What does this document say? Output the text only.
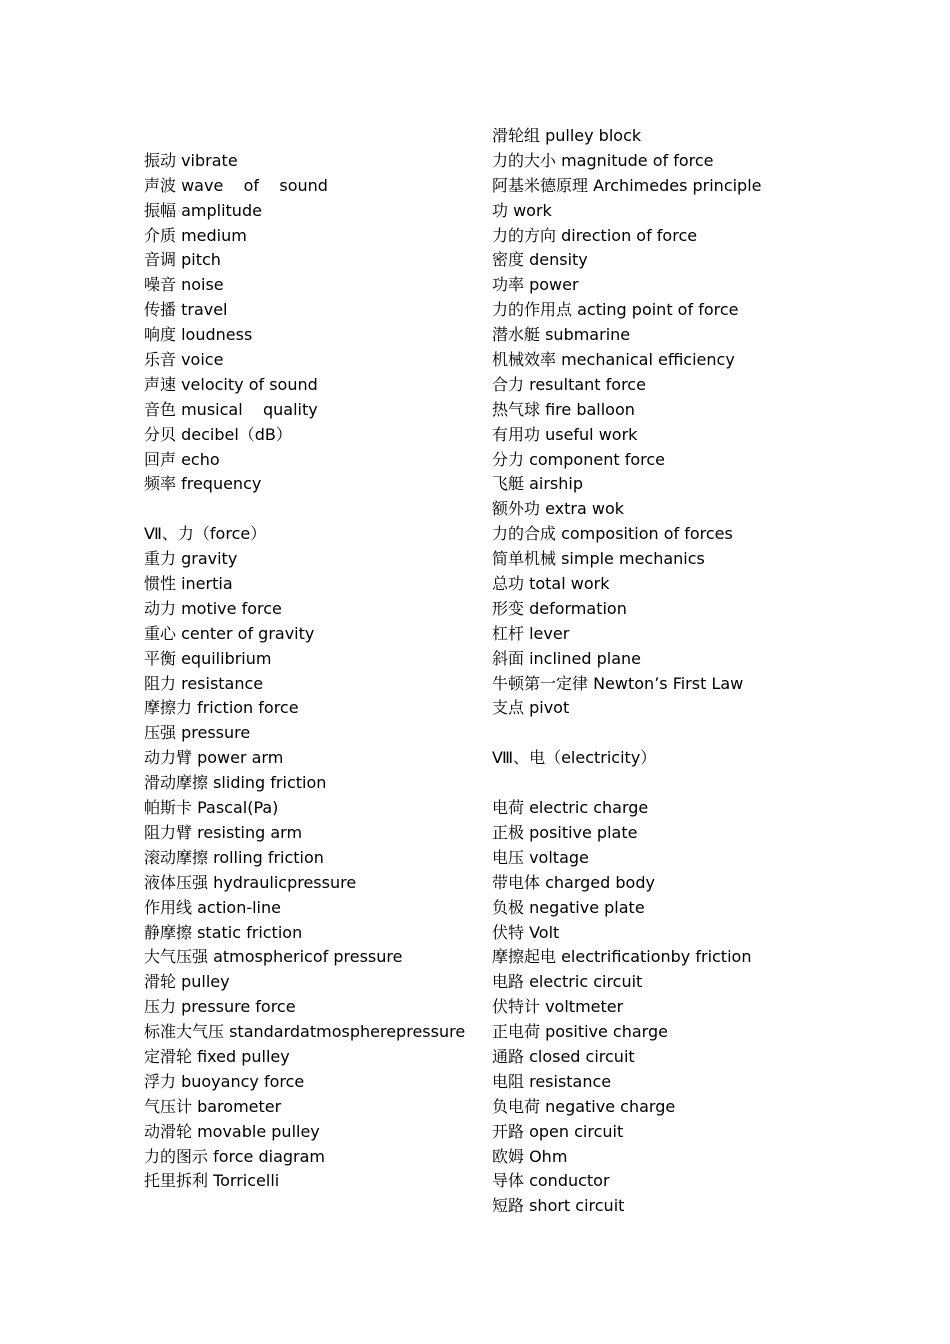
振动 vibrate
声波 wave    of    sound
振幅 amplitude
介质 medium
音调 pitch
噪音 noise
传播 travel
响度 loudness
乐音 voice
声速 velocity of sound
音色 musical    quality
分贝 decibel（dB）
回声 echo
频率 frequency
Ⅶ、力（force）
重力 gravity
惯性 inertia
动力 motive force
重心 center of gravity
平衡 equilibrium
阻力 resistance
摩擦力 friction force
压强 pressure
动力臂 power arm
滑动摩擦 sliding friction
帕斯卡 Pascal(Pa)
阻力臂 resisting arm
滚动摩擦 rolling friction
液体压强 hydraulicpressure
作用线 action-line
静摩擦 static friction
大气压强 atmosphericof pressure
滑轮 pulley
压力 pressure force
标准大气压 standardatmospherepressure
定滑轮 fixed pulley
浮力 buoyancy force
气压计 barometer
动滑轮 movable pulley
力的图示 force diagram
托里拆利 Torricelli
滑轮组 pulley block
力的大小 magnitude of force
阿基米德原理 Archimedes principle
功 work
力的方向 direction of force
密度 density
功率 power
力的作用点 acting point of force
潜水艇 submarine
机械效率 mechanical efficiency
合力 resultant force
热气球 fire balloon
有用功 useful work
分力 component force
飞艇 airship
额外功 extra wok
力的合成 composition of forces
简单机械 simple mechanics
总功 total work
形变 deformation
杠杆 lever
斜面 inclined plane
牛顿第一定律 Newton’s First Law
支点 pivot
Ⅷ、电（electricity）
电荷 electric charge
正极 positive plate
电压 voltage
带电体 charged body
负极 negative plate
伏特 Volt
摩擦起电 electrificationby friction
电路 electric circuit
伏特计 voltmeter
正电荷 positive charge
通路 closed circuit
电阻 resistance
负电荷 negative charge
开路 open circuit
欧姆 Ohm
导体 conductor
短路 short circuit
